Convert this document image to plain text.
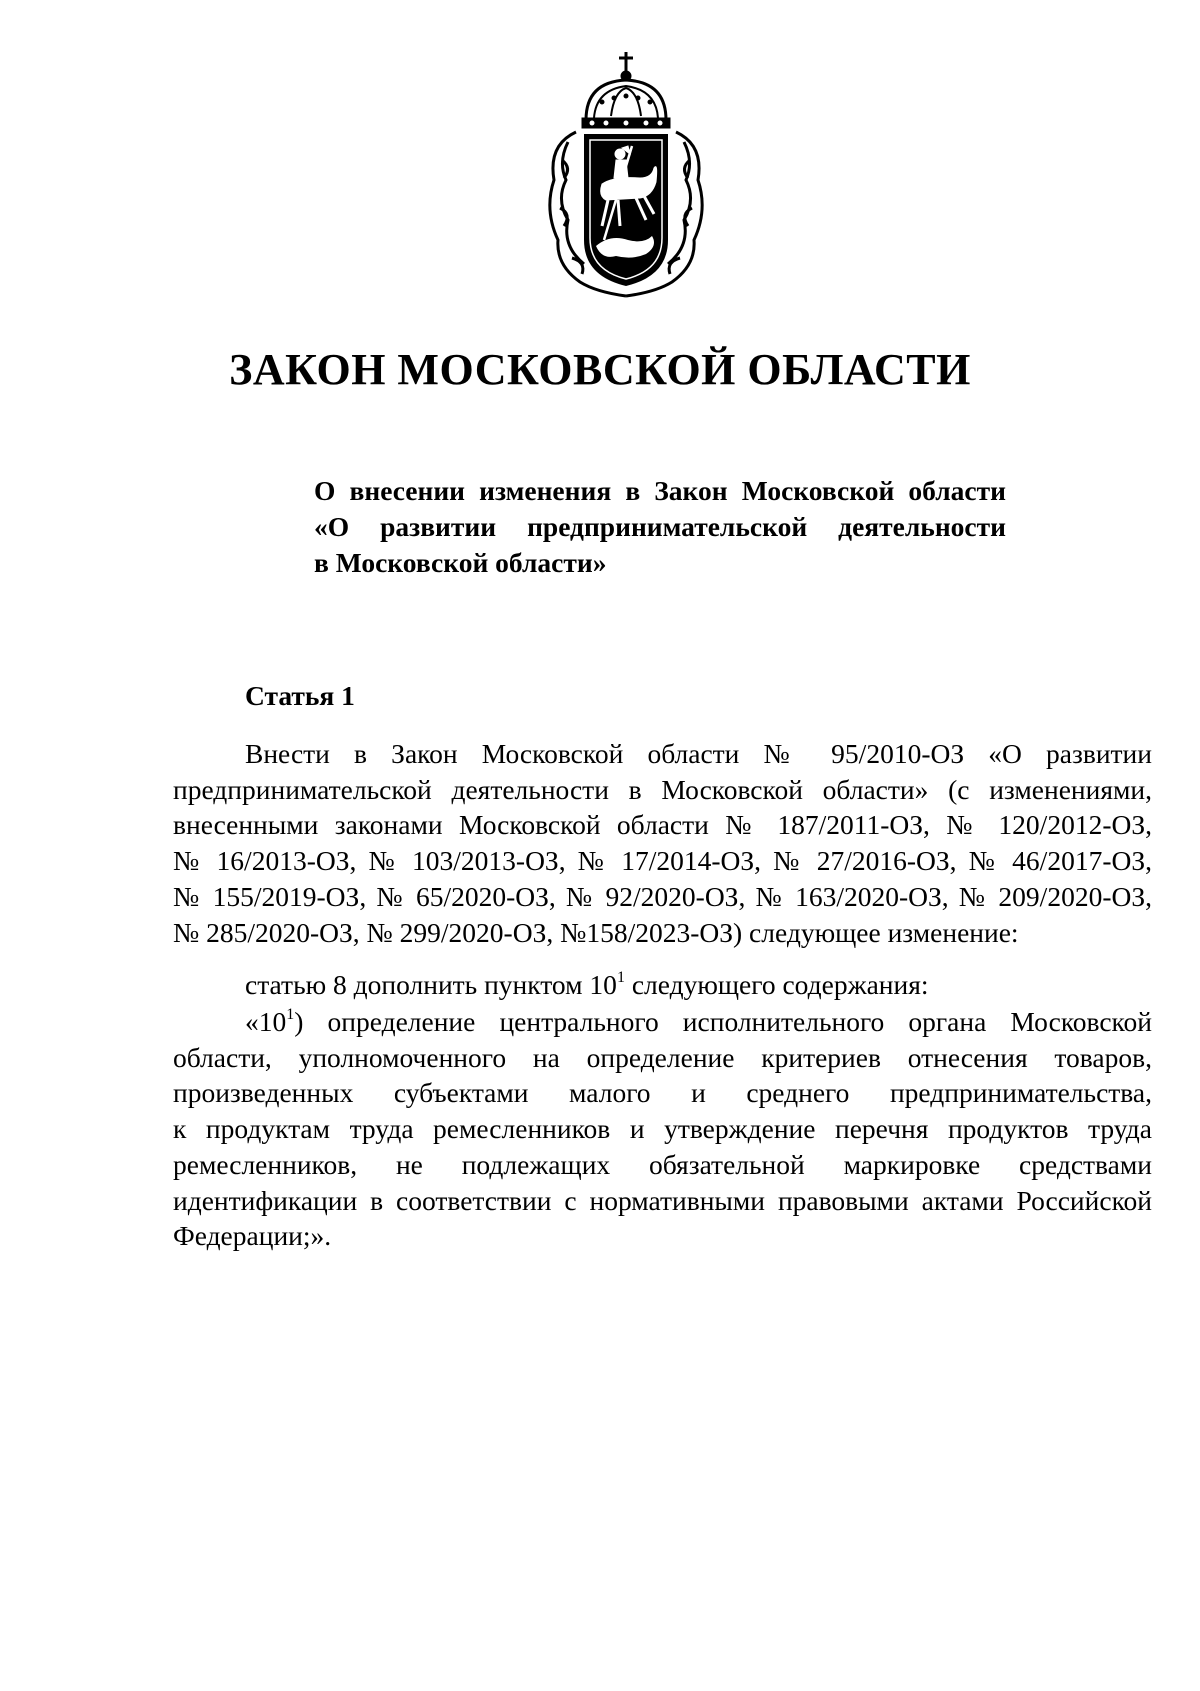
ЗАКОН МОСКОВСКОЙ ОБЛАСТИ
О внесении изменения в Закон Московской области
«О развитии предпринимательской деятельности
в Московской области»
Статья 1
Внести в Закон Московской области № 95/2010-ОЗ «О развитии
предпринимательской деятельности в Московской области» (с изменениями,
внесенными законами Московской области № 187/2011-ОЗ, № 120/2012-ОЗ,
№ 16/2013-ОЗ, № 103/2013-ОЗ, № 17/2014-ОЗ, № 27/2016-ОЗ, № 46/2017-ОЗ,
№ 155/2019-ОЗ, № 65/2020-ОЗ, № 92/2020-ОЗ, № 163/2020-ОЗ, № 209/2020-ОЗ,
№ 285/2020-ОЗ, № 299/2020-ОЗ, №158/2023-ОЗ) следующее изменение:
статью 8 дополнить пунктом $10^1$ следующего содержания:
«$10^1$) определение центрального исполнительного органа Московской
области, уполномоченного на определение критериев отнесения товаров,
произведенных субъектами малого и среднего предпринимательства,
к продуктам труда ремесленников и утверждение перечня продуктов труда
ремесленников, не подлежащих обязательной маркировке средствами
идентификации в соответствии с нормативными правовыми актами Российской
Федерации;».
